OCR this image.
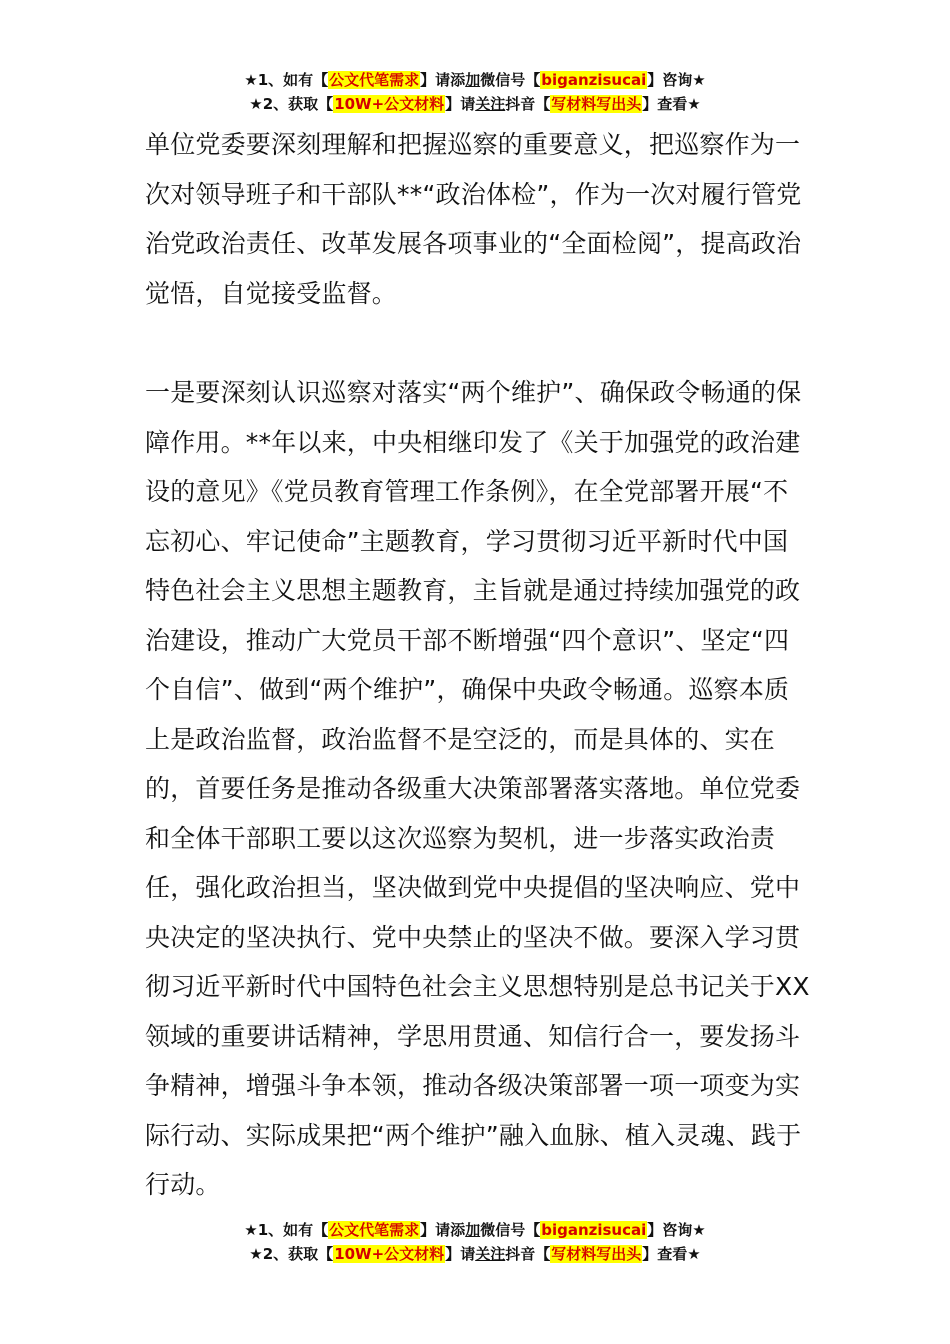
★1、如有【公文代笔需求】请添加微信号【biganzisucai】咨询★
★2、获取【10W+公文材料】请关注抖音【写材料写出头】查看★

单位党委要深刻理解和把握巡察的重要意义，把巡察作为一次对领导班子和干部队**“政治体检”，作为一次对履行管党治党政治责任、改革发展各项事业的“全面检阅”，提高政治觉悟，自觉接受监督。

一是要深刻认识巡察对落实“两个维护”、确保政令畅通的保障作用。**年以来，中央相继印发了《关于加强党的政治建设的意见》《党员教育管理工作条例》，在全党部署开展“不忘初心、牢记使命”主题教育，学习贯彻习近平新时代中国特色社会主义思想主题教育，主旨就是通过持续加强党的政治建设，推动广大党员干部不断增强“四个意识”、坚定“四个自信”、做到“两个维护”，确保中央政令畅通。巡察本质上是政治监督，政治监督不是空泛的，而是具体的、实在的，首要任务是推动各级重大决策部署落实落地。单位党委和全体干部职工要以这次巡察为契机，进一步落实政治责任，强化政治担当，坚决做到党中央提倡的坚决响应、党中央决定的坚决执行、党中央禁止的坚决不做。要深入学习贯彻习近平新时代中国特色社会主义思想特别是总书记关于XX领域的重要讲话精神，学思用贯通、知信行合一，要发扬斗争精神，增强斗争本领，推动各级决策部署一项一项变为实际行动、实际成果把“两个维护”融入血脉、植入灵魂、践于行动。

★1、如有【公文代笔需求】请添加微信号【biganzisucai】咨询★
★2、获取【10W+公文材料】请关注抖音【写材料写出头】查看★
